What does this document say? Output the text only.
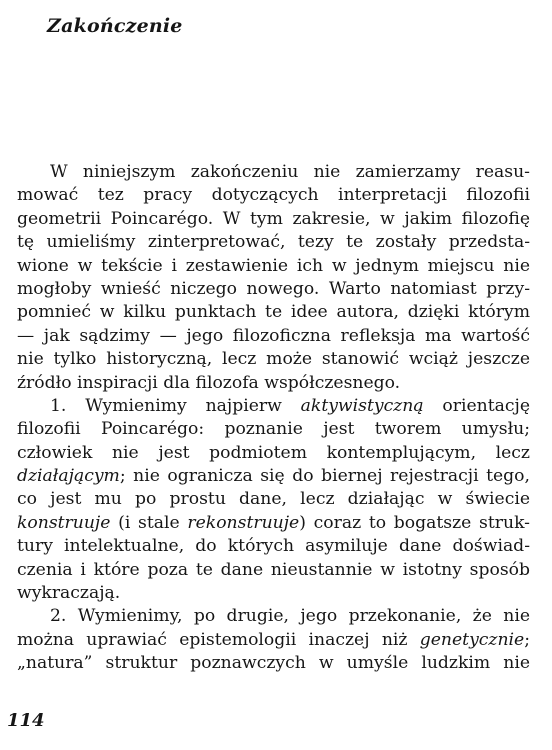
Zakończenie
W niniejszym zakończeniu nie zamierzamy reasu-
mować tez pracy dotyczących interpretacji filozofii
geometrii Poincarégo. W tym zakresie, w jakim filozofię
tę umieliśmy zinterpretować, tezy te zostały przedsta-
wione w tekście i zestawienie ich w jednym miejscu nie
mogłoby wnieść niczego nowego. Warto natomiast przy-
pomnieć w kilku punktach te idee autora, dzięki którym
— jak sądzimy — jego filozoficzna refleksja ma wartość
nie tylko historyczną, lecz może stanowić wciąż jeszcze
źródło inspiracji dla filozofa współczesnego.
1. Wymienimy najpierw aktywistyczną orientację
filozofii Poincarégo: poznanie jest tworem umysłu;
człowiek nie jest podmiotem kontemplującym, lecz
działającym; nie ogranicza się do biernej rejestracji tego,
co jest mu po prostu dane, lecz działając w świecie
konstruuje (i stale rekonstruuje) coraz to bogatsze struk-
tury intelektualne, do których asymiluje dane doświad-
czenia i które poza te dane nieustannie w istotny sposób
wykraczają.
2. Wymienimy, po drugie, jego przekonanie, że nie
można uprawiać epistemologii inaczej niż genetycznie;
„natura” struktur poznawczych w umyśle ludzkim nie
114
